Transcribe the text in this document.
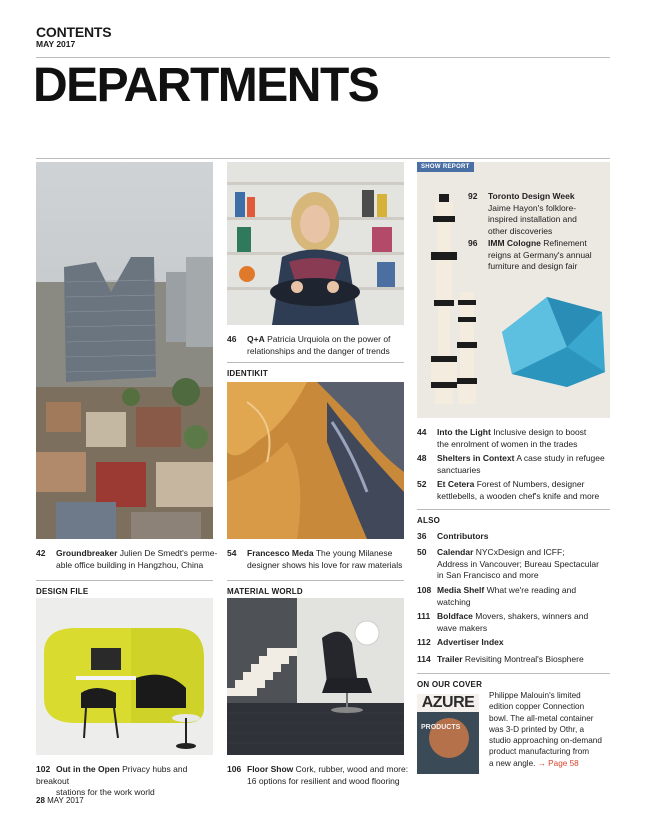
CONTENTS
MAY 2017
DEPARTMENTS
46 Q+A Patricia Urquiola on the power of
relationships and the danger of trends
IDENTIKIT
SHOW REPORT
92 Toronto Design Week
Jaime Hayon's folklore-
inspired installation and
other discoveries
96 IMM Cologne Refinement
reigns at Germany's annual
furniture and design fair
44	Into the Light Inclusive design to boost
the enrolment of women in the trades
48	Shelters in Context A case study in refugee
sanctuaries
52	Et Cetera Forest of Numbers, designer
kettlebells, a wooden chef's knife and more
ALSO
36	Contributors
50	Calendar NYCxDesign and ICFF;
Address in Vancouver; Bureau Spectacular
in San Francisco and more
108 Media Shelf What we're reading and
watching
111 Boldface Movers, shakers, winners and
wave makers
112 Advertiser Index
114 Trailer Revisiting Montreal's Biosphere
ON OUR COVER
AZURE
PRODUCTS
Philippe Malouin's limited
edition copper Connection
bowl. The all-metal container
was 3-D printed by Othr, a
studio approaching on-demand
product manufacturing from
a new angle. → Page 58
42 Groundbreaker Julien De Smedt's perme-
able office building in Hangzhou, China
54 Francesco Meda The young Milanese
designer shows his love for raw materials
DESIGN FILE
102 Out in the Open Privacy hubs and breakout
stations for the work world
MATERIAL WORLD
106 Floor Show Cork, rubber, wood and more:
16 options for resilient and wood flooring
28 MAY 2017
